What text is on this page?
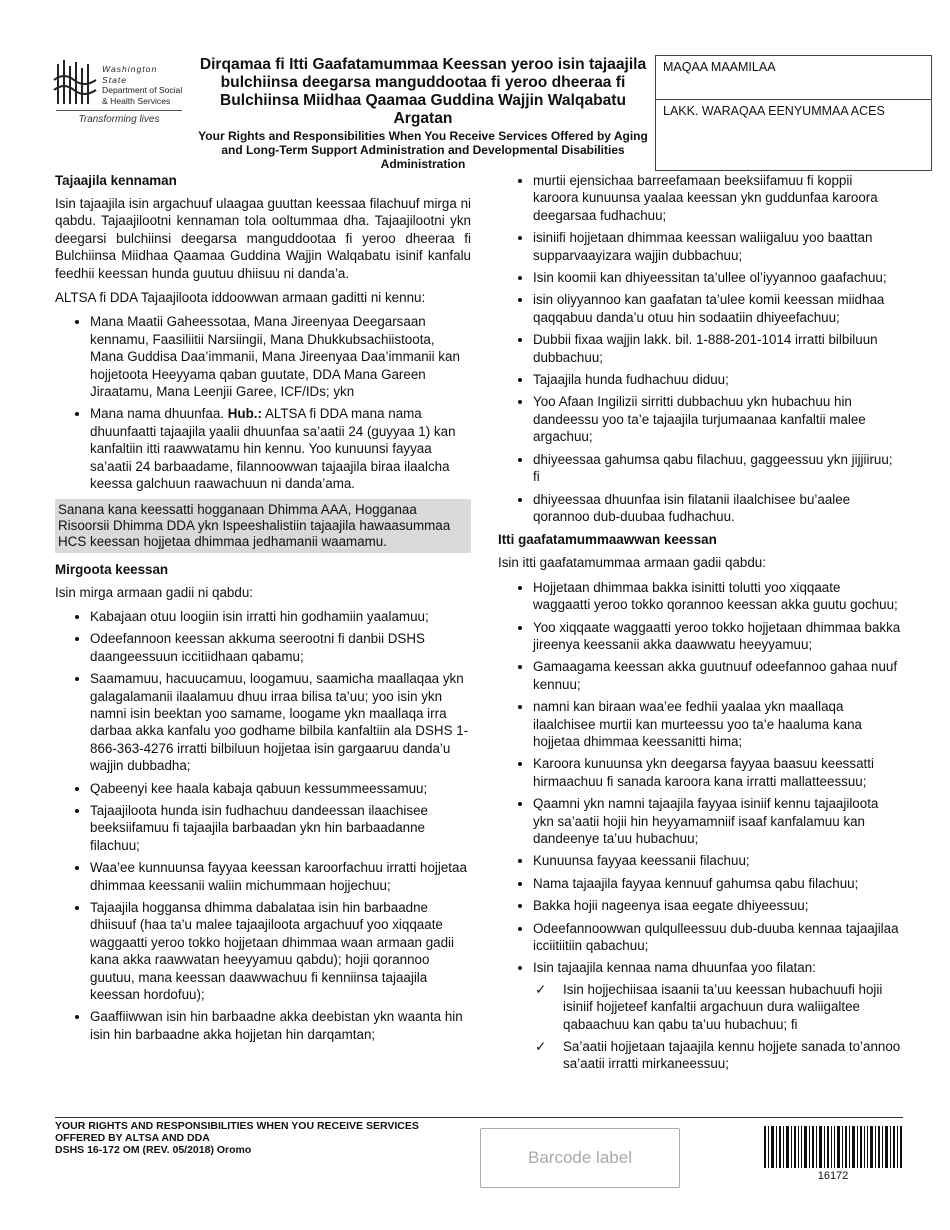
Washington State
Department of Social
& Health Services
Transforming lives
Dirqamaa fi Itti Gaafatamummaa Keessan yeroo isin tajaajila bulchiinsa deegarsa manguddootaa fi yeroo dheeraa fi Bulchiinsa Miidhaa Qaamaa Guddina Wajjin Walqabatu Argatan
Your Rights and Responsibilities When You Receive Services Offered by Aging and Long-Term Support Administration and Developmental Disabilities Administration
MAQAA MAAMILAA
LAKK. WARAQAA EENYUMMAA ACES
Tajaajila kennaman

Isin tajaajila isin argachuuf ulaagaa guuttan keessaa filachuuf mirga ni qabdu. Tajaajilootni kennaman tola ooltummaa dha. Tajaajilootni ykn deegarsi bulchiinsi deegarsa manguddootaa fi yeroo dheeraa fi Bulchiinsa Miidhaa Qaamaa Guddina Wajjin Walqabatu isinif kanfalu feedhii keessan hunda guutuu dhiisuu ni danda’a.

ALTSA fi DDA Tajaajiloota iddoowwan armaan gaditti ni kennu:

• Mana Maatii Gaheessotaa, Mana Jireenyaa Deegarsaan kennamu, Faasiliitii Narsiingii, Mana Dhukkubsachiistoota, Mana Guddisa Daa’immanii, Mana Jireenyaa Daa’immanii kan hojjetoota Heeyyama qaban guutate, DDA Mana Gareen Jiraatamu, Mana Leenjii Garee, ICF/IDs; ykn
• Mana nama dhuunfaa. Hub.: ALTSA fi DDA mana nama dhuunfaatti tajaajila yaalii dhuunfaa sa’aatii 24 (guyyaa 1) kan kanfaltiin itti raawwatamu hin kennu. Yoo kunuunsi fayyaa sa’aatii 24 barbaadame, filannoowwan tajaajila biraa ilaalcha keessa galchuun raawachuun ni danda’ama.
Sanana kana keessatti hogganaan Dhimma AAA, Hogganaa Risoorsii Dhimma DDA ykn Ispeeshalistiin tajaajila hawaasummaa HCS keessan hojjetaa dhimmaa jedhamanii waamamu.
Mirgoota keessan

Isin mirga armaan gadii ni qabdu:

• Kabajaan otuu loogiin isin irratti hin godhamiin yaalamuu;
• Odeefannoon keessan akkuma seerootni fi danbii DSHS daangeessuun iccitiidhaan qabamu;
• Saamamuu, hacuucamuu, loogamuu, saamicha maallaqaa ykn galagalamanii ilaalamuu dhuu irraa bilisa ta’uu; yoo isin ykn namni isin beektan yoo samame, loogame ykn maallaqa irra darbaa akka kanfalu yoo godhame bilbila kanfaltiin ala DSHS 1-866-363-4276 irratti bilbiluun hojjetaa isin gargaaruu danda’u wajjin dubbadha;
• Qabeenyi kee haala kabaja qabuun kessummeessamuu;
• Tajaajiloota hunda isin fudhachuu dandeessan ilaachisee beeksiifamuu fi tajaajila barbaadan ykn hin barbaadanne filachuu;
• Waa’ee kunnuunsa fayyaa keessan karoorfachuu irratti hojjetaa dhimmaa keessanii waliin michummaan hojjechuu;
• Tajaajila hoggansa dhimma dabalataa isin hin barbaadne dhiisuuf (haa ta’u malee tajaajiloota argachuuf yoo xiqqaate waggaatti yeroo tokko hojjetaan dhimmaa waan armaan gadii kana akka raawwatan heeyyamuu qabdu); hojii qorannoo guutuu, mana keessan daawwachuu fi kenniinsa tajaajila keessan hordofuu);
• Gaaffiiwwan isin hin barbaadne akka deebistan ykn waanta hin isin hin barbaadne akka hojjetan hin darqamtan;
• murtii ejensichaa barreefamaan beeksiifamuu fi koppii karoora kunuunsa yaalaa keessan ykn guddunfaa karoora deegarsaa fudhachuu;
• isiniifi hojjetaan dhimmaa keessan waliigaluu yoo baattan supparvaayizara wajjin dubbachuu;
• Isin koomii kan dhiyeessitan ta’ullee ol’iyyannoo gaafachuu;
• isin oliyyannoo kan gaafatan ta’ulee komii keessan miidhaa qaqqabuu danda’u otuu hin sodaatiin dhiyeefachuu;
• Dubbii fixaa wajjin lakk. bil. 1-888-201-1014 irratti bilbiluun dubbachuu;
• Tajaajila hunda fudhachuu diduu;
• Yoo Afaan Ingilizii sirritti dubbachuu ykn hubachuu hin dandeessu yoo ta’e tajaajila turjumaanaa kanfaltii malee argachuu;
• dhiyeessaa gahumsa qabu filachuu, gaggeessuu ykn jijjiiruu; fi
• dhiyeessaa dhuunfaa isin filatanii ilaalchisee bu’aalee qorannoo dub-duubaa fudhachuu.
Itti gaafatamummaawwan keessan

Isin itti gaafatamummaa armaan gadii qabdu:

• Hojjetaan dhimmaa bakka isinitti tolutti yoo xiqqaate waggaatti yeroo tokko qorannoo keessan akka guutu gochuu;
• Yoo xiqqaate waggaatti yeroo tokko hojjetaan dhimmaa bakka jireenya keessanii akka daawwatu heeyyamuu;
• Gamaagama keessan akka guutnuuf odeefannoo gahaa nuuf kennuu;
• namni kan biraan waa’ee fedhii yaalaa ykn maallaqa ilaalchisee murtii kan murteessu yoo ta’e haaluma kana hojjetaa dhimmaa keessanitti hima;
• Karoora kunuunsa ykn deegarsa fayyaa baasuu keessatti hirmaachuu fi sanada karoora kana irratti mallatteessuu;
• Qaamni ykn namni tajaajila fayyaa isiniif kennu tajaajiloota ykn sa’aatii hojii hin heyyamamniif isaaf kanfalamuu kan dandeenye ta’uu hubachuu;
• Kunuunsa fayyaa keessanii filachuu;
• Nama tajaajila fayyaa kennuuf gahumsa qabu filachuu;
• Bakka hojii nageenya isaa eegate dhiyeessuu;
• Odeefannoowwan qulqulleessuu dub-duuba kennaa tajaajilaa icciitiitiin qabachuu;
• Isin tajaajila kennaa nama dhuunfaa yoo filatan:
✓ Isin hojjechiisaa isaanii ta’uu keessan hubachuufi hojii isiniif hojjeteef kanfaltii argachuun dura waliigaltee qabaachuu kan qabu ta’uu hubachuu; fi
✓ Sa’aatii hojjetaan tajaajila kennu hojjete sanada to’annoo sa’aatii irratti mirkaneessuu;
YOUR RIGHTS AND RESPONSIBILITIES WHEN YOU RECEIVE SERVICES
OFFERED BY ALTSA AND DDA
DSHS 16-172 OM (REV. 05/2018) Oromo	Barcode label
16172
